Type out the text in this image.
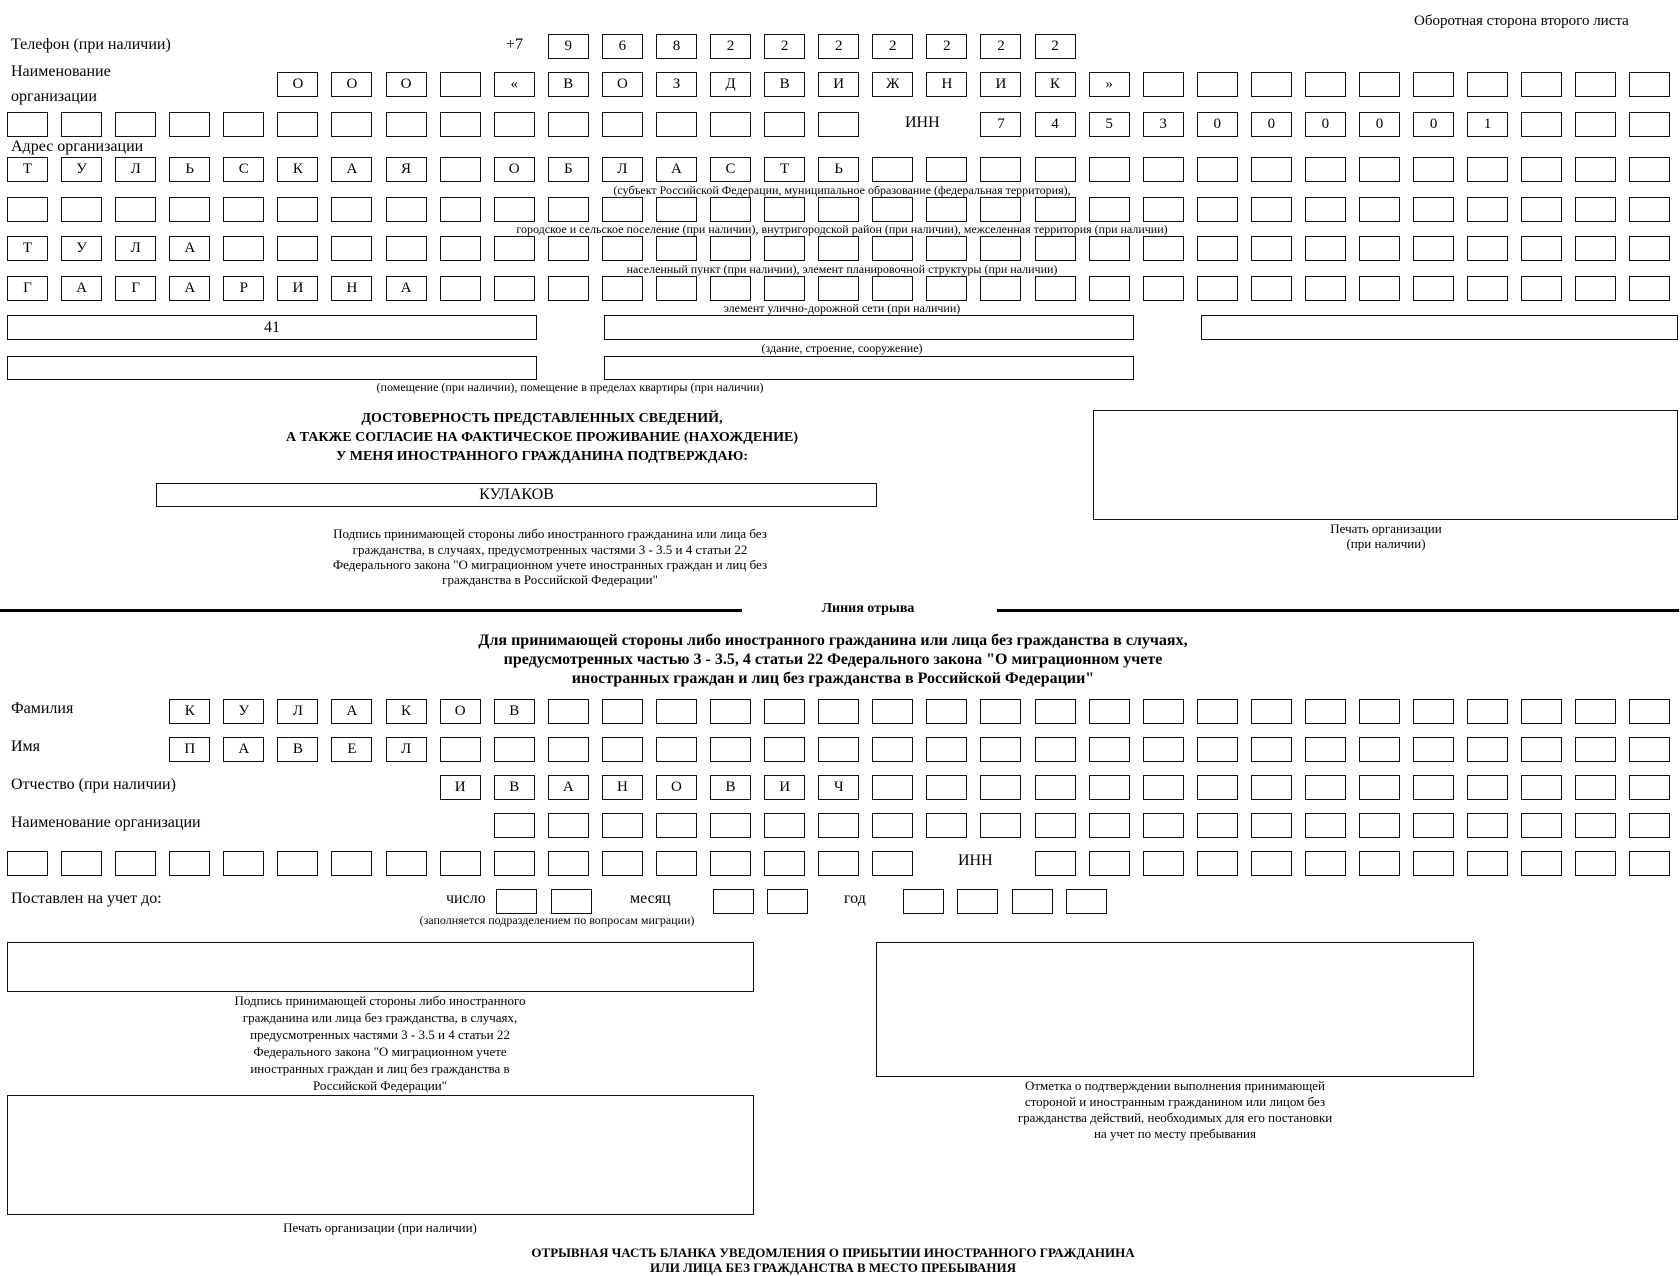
Оборотная сторона второго листа
Телефон (при наличии)	+7	9	6	8	2	2	2	2	2	2	2
Наименование
организации
О	О	О	«	В	О	З	Д	В	И	Ж	Н	И	К	»
ИНН	7	4	5	3	0	0	0	0	0	1
Адрес организации
Т	У	Л	Ь	С	К	А	Я	О	Б	Л	А	С	Т	Ь
(субъект Российской Федерации, муниципальное образование (федеральная территория),
городское и сельское поселение (при наличии), внутригородской район (при наличии), межселенная территория (при наличии)
Т	У	Л	А
населенный пункт (при наличии), элемент планировочной структуры (при наличии)
Г	А	Г	А	Р	И	Н	А
элемент улично-дорожной сети (при наличии)
41
(здание, строение, сооружение)
(помещение (при наличии), помещение в пределах квартиры (при наличии)
ДОСТОВЕРНОСТЬ ПРЕДСТАВЛЕННЫХ СВЕДЕНИЙ,
А ТАКЖЕ СОГЛАСИЕ НА ФАКТИЧЕСКОЕ ПРОЖИВАНИЕ (НАХОЖДЕНИЕ)
У МЕНЯ ИНОСТРАННОГО ГРАЖДАНИНА ПОДТВЕРЖДАЮ:
КУЛАКОВ
Подпись принимающей стороны либо иностранного гражданина или лица без
гражданства, в случаях, предусмотренных частями 3 - 3.5 и 4 статьи 22
Федерального закона "О миграционном учете иностранных граждан и лиц без
гражданства в Российской Федерации"
Печать организации
(при наличии)
Линия отрыва
Для принимающей стороны либо иностранного гражданина или лица без гражданства в случаях,
предусмотренных частью 3 - 3.5, 4 статьи 22 Федерального закона "О миграционном учете
иностранных граждан и лиц без гражданства в Российской Федерации"
Фамилия	К	У	Л	А	К	О	В
Имя	П	А	В	Е	Л
Отчество (при наличии)	И	В	А	Н	О	В	И	Ч
Наименование организации
ИНН
Поставлен на учет до:	число	месяц	год
(заполняется подразделением по вопросам миграции)
Подпись принимающей стороны либо иностранного
гражданина или лица без гражданства, в случаях,
предусмотренных частями 3 - 3.5 и 4 статьи 22
Федерального закона "О миграционном учете
иностранных граждан и лиц без гражданства в
Российской Федерации"	Отметка о подтверждении выполнения принимающей
стороной и иностранным гражданином или лицом без
гражданства действий, необходимых для его постановки
на учет по месту пребывания
Печать организации (при наличии)
ОТРЫВНАЯ ЧАСТЬ БЛАНКА УВЕДОМЛЕНИЯ О ПРИБЫТИИ ИНОСТРАННОГО ГРАЖДАНИНА
ИЛИ ЛИЦА БЕЗ ГРАЖДАНСТВА В МЕСТО ПРЕБЫВАНИЯ
